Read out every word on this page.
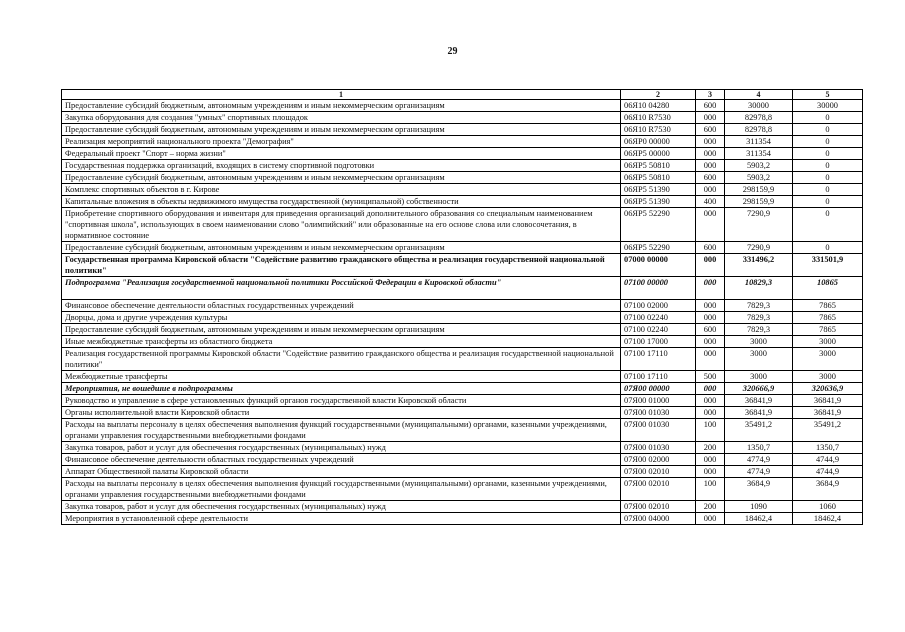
29
1	2	3	4	5
Предоставление субсидий бюджетным, автономным учреждениям и иным некоммерческим организациям	06Я10 04280	600	30000	30000
Закупка оборудования для создания "умных" спортивных площадок	06Я10 R7530	000	82978,8	0
Предоставление субсидий бюджетным, автономным учреждениям и иным некоммерческим организациям	06Я10 R7530	600	82978,8	0
Реализация мероприятий национального проекта "Демография"	06ЯР0 00000	000	311354	0
Федеральный проект "Спорт – норма жизни"	06ЯР5 00000	000	311354	0
Государственная поддержка организаций, входящих в систему спортивной подготовки	06ЯР5 50810	000	5903,2	0
Предоставление субсидий бюджетным, автономным учреждениям и иным некоммерческим организациям	06ЯР5 50810	600	5903,2	0
Комплекс спортивных объектов в г. Кирове	06ЯР5 51390	000	298159,9	0
Капитальные вложения в объекты недвижимого имущества государственной (муниципальной) собственности	06ЯР5 51390	400	298159,9	0
Приобретение спортивного оборудования и инвентаря для приведения организаций дополнительного образования со специальным наименованием "спортивная школа", использующих в своем наименовании слово "олимпийский" или образованные на его основе слова или словосочетания, в нормативное состояние	06ЯР5 52290	000	7290,9	0
Предоставление субсидий бюджетным, автономным учреждениям и иным некоммерческим организациям	06ЯР5 52290	600	7290,9	0
Государственная программа Кировской области "Содействие развитию гражданского общества и реализация государственной национальной политики"	07000 00000	000	331496,2	331501,9
Подпрограмма "Реализация государственной национальной политики Российской Федерации в Кировской области"	07100 00000	000	10829,3	10865
Финансовое обеспечение деятельности областных государственных учреждений	07100 02000	000	7829,3	7865
Дворцы, дома и другие учреждения культуры	07100 02240	000	7829,3	7865
Предоставление субсидий бюджетным, автономным учреждениям и иным некоммерческим организациям	07100 02240	600	7829,3	7865
Иные межбюджетные трансферты из областного бюджета	07100 17000	000	3000	3000
Реализация государственной программы Кировской области "Содействие развитию гражданского общества и реализация государственной национальной политики"	07100 17110	000	3000	3000
Межбюджетные трансферты	07100 17110	500	3000	3000
Мероприятия, не вошедшие в подпрограммы	07Я00 00000	000	320666,9	320636,9
Руководство и управление в сфере установленных функций органов государственной власти Кировской области	07Я00 01000	000	36841,9	36841,9
Органы исполнительной власти Кировской области	07Я00 01030	000	36841,9	36841,9
Расходы на выплаты персоналу в целях обеспечения выполнения функций государственными (муниципальными) органами, казенными учреждениями, органами управления государственными внебюджетными фондами	07Я00 01030	100	35491,2	35491,2
Закупка товаров, работ и услуг для обеспечения государственных (муниципальных) нужд	07Я00 01030	200	1350,7	1350,7
Финансовое обеспечение деятельности областных государственных учреждений	07Я00 02000	000	4774,9	4744,9
Аппарат Общественной палаты Кировской области	07Я00 02010	000	4774,9	4744,9
Расходы на выплаты персоналу в целях обеспечения выполнения функций государственными (муниципальными) органами, казенными учреждениями, органами управления государственными внебюджетными фондами	07Я00 02010	100	3684,9	3684,9
Закупка товаров, работ и услуг для обеспечения государственных (муниципальных) нужд	07Я00 02010	200	1090	1060
Мероприятия в установленной сфере деятельности	07Я00 04000	000	18462,4	18462,4
